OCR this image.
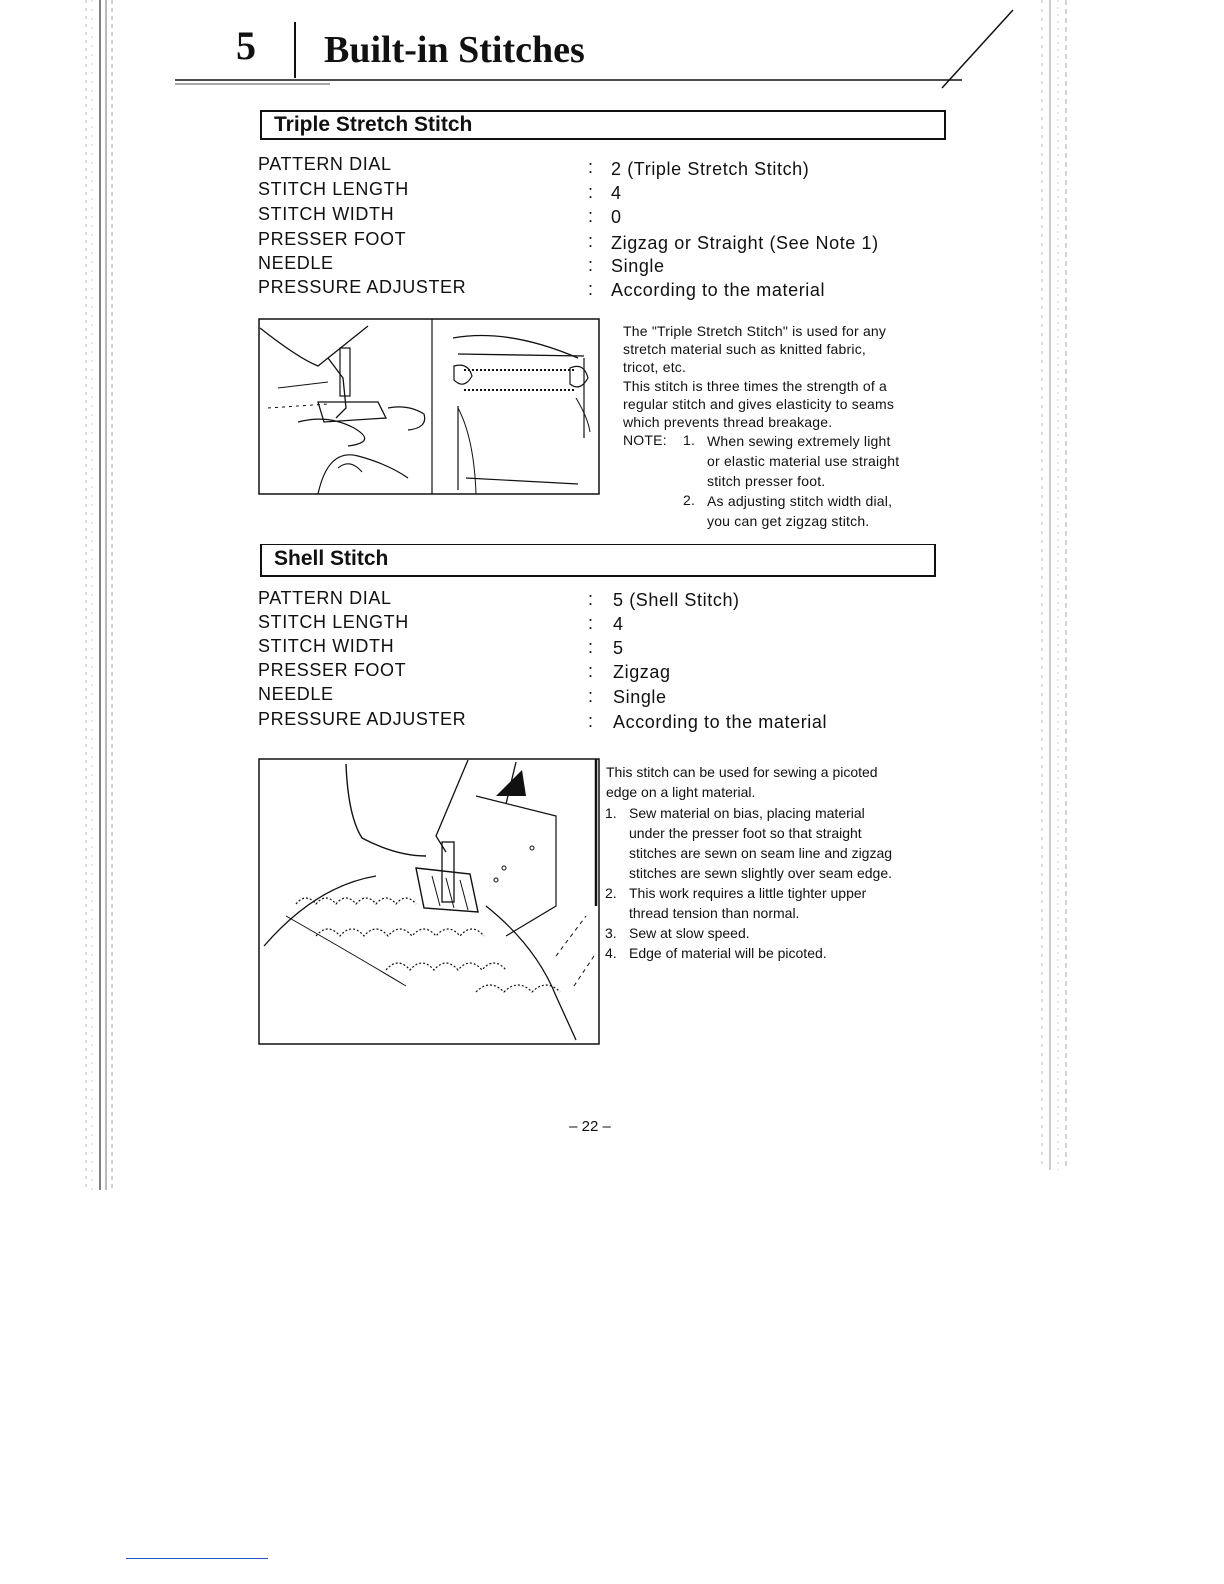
5 Built-in Stitches
Triple Stretch Stitch
PATTERN DIAL	: 2 (Triple Stretch Stitch)
STITCH LENGTH	: 4
STITCH WIDTH	: 0
PRESSER FOOT	: Zigzag or Straight (See Note 1)
NEEDLE	: Single
PRESSURE ADJUSTER	: According to the material
The "Triple Stretch Stitch" is used for any
stretch material such as knitted fabric,
tricot, etc.
This stitch is three times the strength of a
regular stitch and gives elasticity to seams
which prevents thread breakage.
NOTE: 1. When sewing extremely light
or elastic material use straight
stitch presser foot.
2. As adjusting stitch width dial,
you can get zigzag stitch.
Shell Stitch
PATTERN DIAL	:	5 (Shell Stitch)
STITCH LENGTH	:	4
STITCH WIDTH	:	5
PRESSER FOOT	:	Zigzag
NEEDLE	:	Single
PRESSURE ADJUSTER	:	According to the material
This stitch can be used for sewing a picoted
edge on a light material.
1. Sew material on bias, placing material
under the presser foot so that straight
stitches are sewn on seam line and zigzag
stitches are sewn slightly over seam edge.
2. This work requires a little tighter upper
thread tension than normal.
3. Sew at slow speed.
4. Edge of material will be picoted.
– 22 –
